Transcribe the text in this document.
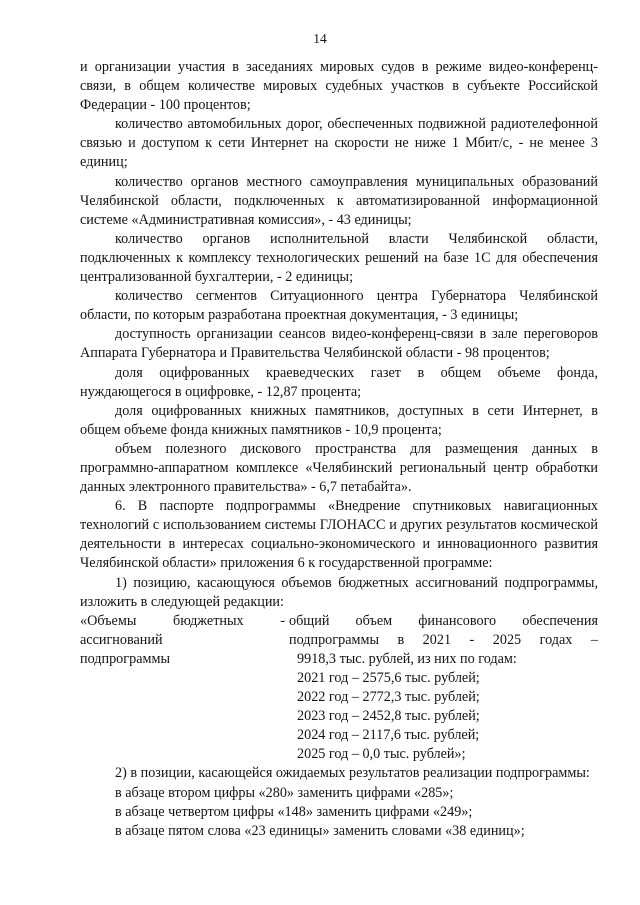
14

и организации участия в заседаниях мировых судов в режиме видео-конференц-связи, в общем количестве мировых судебных участков в субъекте Российской Федерации - 100 процентов;

количество автомобильных дорог, обеспеченных подвижной радиотелефонной связью и доступом к сети Интернет на скорости не ниже 1 Мбит/с, - не менее 3 единиц;

количество органов местного самоуправления муниципальных образований Челябинской области, подключенных к автоматизированной информационной системе «Административная комиссия», - 43 единицы;

количество органов исполнительной власти Челябинской области, подключенных к комплексу технологических решений на базе 1С для обеспечения централизованной бухгалтерии, - 2 единицы;

количество сегментов Ситуационного центра Губернатора Челябинской области, по которым разработана проектная документация, - 3 единицы;

доступность организации сеансов видео-конференц-связи в зале переговоров Аппарата Губернатора и Правительства Челябинской области - 98 процентов;

доля оцифрованных краеведческих газет в общем объеме фонда, нуждающегося в оцифровке, - 12,87 процента;

доля оцифрованных книжных памятников, доступных в сети Интернет, в общем объеме фонда книжных памятников - 10,9 процента;

объем полезного дискового пространства для размещения данных в программно-аппаратном комплексе «Челябинский региональный центр обработки данных электронного правительства» - 6,7 петабайта».

6. В паспорте подпрограммы «Внедрение спутниковых навигационных технологий с использованием системы ГЛОНАСС и других результатов космической деятельности в интересах социально-экономического и инновационного развития Челябинской области» приложения 6 к государственной программе:

1) позицию, касающуюся объемов бюджетных ассигнований подпрограммы, изложить в следующей редакции:

«Объемы бюджетных -
ассигнований
подпрограммы
общий объем финансового обеспечения
подпрограммы в 2021 - 2025 годах –
9918,3 тыс. рублей, из них по годам:
2021 год – 2575,6 тыс. рублей;
2022 год – 2772,3 тыс. рублей;
2023 год – 2452,8 тыс. рублей;
2024 год – 2117,6 тыс. рублей;
2025 год – 0,0 тыс. рублей»;

2) в позиции, касающейся ожидаемых результатов реализации подпрограммы:

в абзаце втором цифры «280» заменить цифрами «285»;

в абзаце четвертом цифры «148» заменить цифрами «249»;

в абзаце пятом слова «23 единицы» заменить словами «38 единиц»;
